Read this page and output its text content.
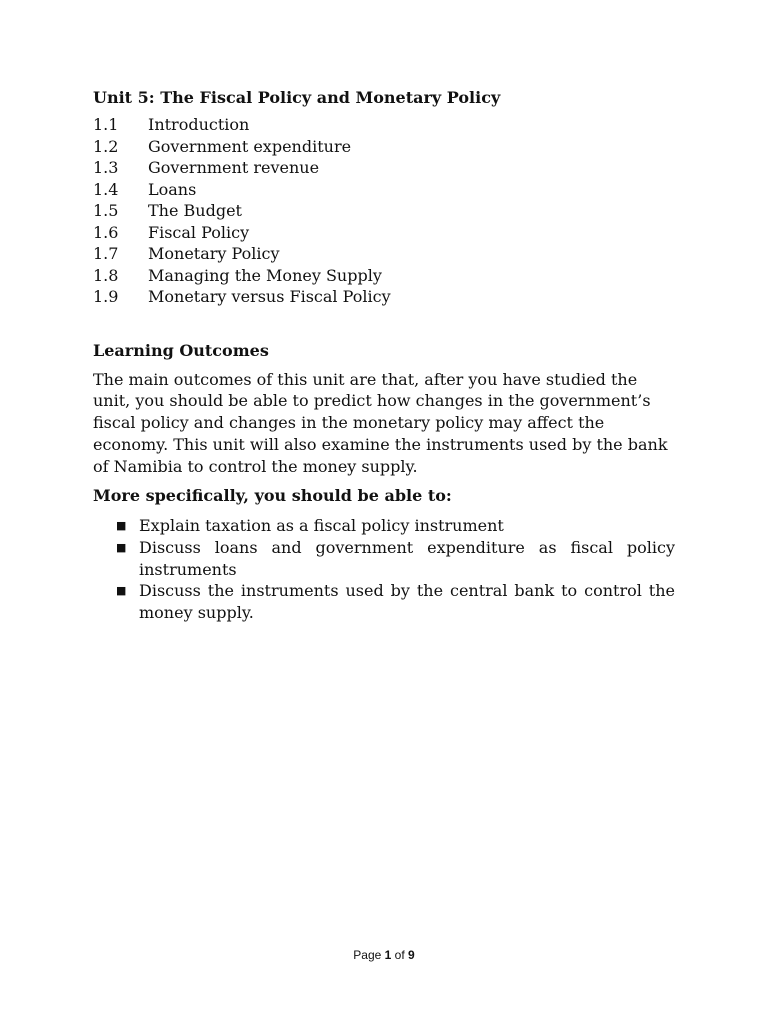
Unit 5: The Fiscal Policy and Monetary Policy
1.1	Introduction
1.2	Government expenditure
1.3	Government revenue
1.4	Loans
1.5	The Budget
1.6	Fiscal Policy
1.7	Monetary Policy
1.8	Managing the Money Supply
1.9	Monetary versus Fiscal Policy
Learning Outcomes

The main outcomes of this unit are that, after you have studied the unit, you should be able to predict how changes in the government’s fiscal policy and changes in the monetary policy may affect the economy. This unit will also examine the instruments used by the bank of Namibia to control the money supply.

More specifically, you should be able to:
■ Explain taxation as a fiscal policy instrument
■ Discuss loans and government expenditure as fiscal policy instruments
■ Discuss the instruments used by the central bank to control the money supply.
Page 1 of 9
